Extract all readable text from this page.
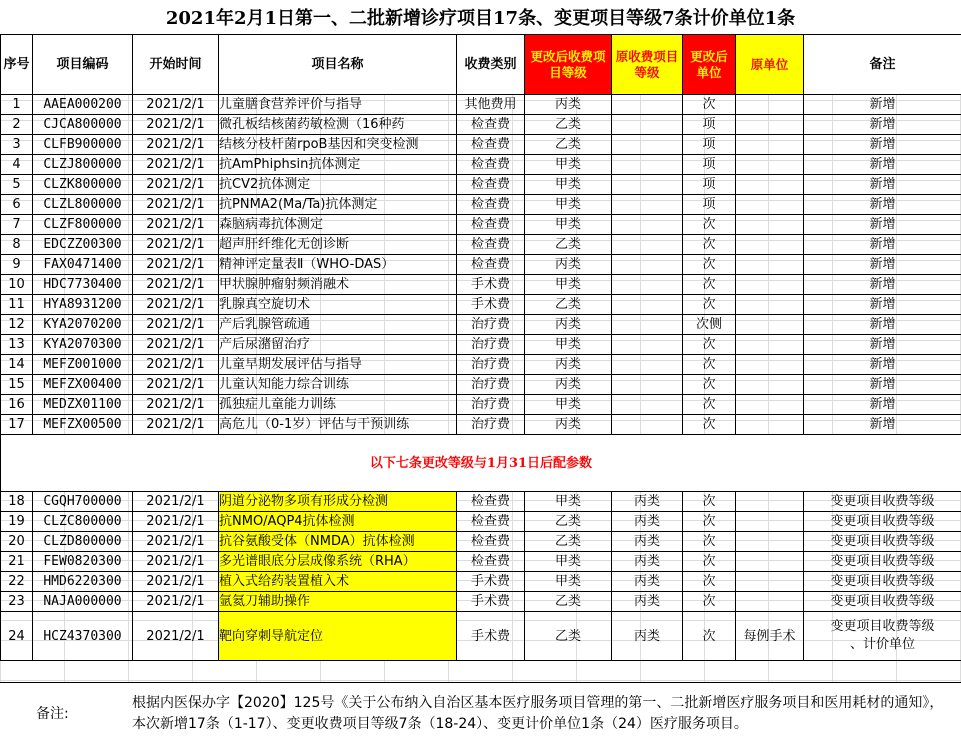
2021年2月1日第一、二批新增诊疗项目17条、变更项目等级7条计价单位1条
序号	项目编码	开始时间	项目名称	收费类别	更改后收费项目等级	原收费项目等级	更改后单位	原单位	备注
1	AAEA000200	2021/2/1	儿童膳食营养评价与指导	其他费用	丙类		次		新增
2	CJCA800000	2021/2/1	微孔板结核菌药敏检测（16种药	检查费	乙类		项		新增
3	CLFB900000	2021/2/1	结核分枝杆菌rpoB基因和突变检测	检查费	乙类		项		新增
4	CLZJ800000	2021/2/1	抗AmPhiphsin抗体测定	检查费	甲类		项		新增
5	CLZK800000	2021/2/1	抗CV2抗体测定	检查费	甲类		项		新增
6	CLZL800000	2021/2/1	抗PNMA2(Ma/Ta)抗体测定	检查费	甲类		项		新增
7	CLZF800000	2021/2/1	森脑病毒抗体测定	检查费	甲类		次		新增
8	EDCZZ00300	2021/2/1	超声肝纤维化无创诊断	检查费	乙类		次		新增
9	FAX0471400	2021/2/1	精神评定量表Ⅱ（WHO-DAS）	检查费	丙类		次		新增
10	HDC7730400	2021/2/1	甲状腺肿瘤射频消融术	手术费	甲类		次		新增
11	HYA8931200	2021/2/1	乳腺真空旋切术	手术费	乙类		次		新增
12	KYA2070200	2021/2/1	产后乳腺管疏通	治疗费	丙类		次侧		新增
13	KYA2070300	2021/2/1	产后尿潴留治疗	治疗费	甲类		次		新增
14	MEFZ001000	2021/2/1	儿童早期发展评估与指导	治疗费	丙类		次		新增
15	MEFZX00400	2021/2/1	儿童认知能力综合训练	治疗费	丙类		次		新增
16	MEDZX01100	2021/2/1	孤独症儿童能力训练	治疗费	甲类		次		新增
17	MEFZX00500	2021/2/1	高危儿（0-1岁）评估与干预训练	治疗费	丙类		次		新增
以下七条更改等级与1月31日后配参数									
18	CGQH700000	2021/2/1	阴道分泌物多项有形成分检测	检查费	甲类	丙类	次		变更项目收费等级
19	CLZC800000	2021/2/1	抗NMO/AQP4抗体检测	检查费	乙类	丙类	次		变更项目收费等级
20	CLZD800000	2021/2/1	抗谷氨酸受体（NMDA）抗体检测	检查费	乙类	丙类	次		变更项目收费等级
21	FEW0820300	2021/2/1	多光谱眼底分层成像系统（RHA）	检查费	甲类	丙类	次		变更项目收费等级
22	HMD6220300	2021/2/1	植入式给药装置植入术	手术费	甲类	丙类	次		变更项目收费等级
23	NAJA000000	2021/2/1	氩氦刀辅助操作	手术费	乙类	丙类	次		变更项目收费等级
24	HCZ4370300	2021/2/1	靶向穿刺导航定位	手术费	乙类	丙类	次	每例手术	变更项目收费等级
、计价单位
备注:
根据内医保办字【2020】125号《关于公布纳入自治区基本医疗服务项目管理的第一、二批新增医疗服务项目和医用耗材的通知》，本次新增17条（1-17）、变更收费项目等级7条（18-24）、变更计价单位1条（24）医疗服务项目。
